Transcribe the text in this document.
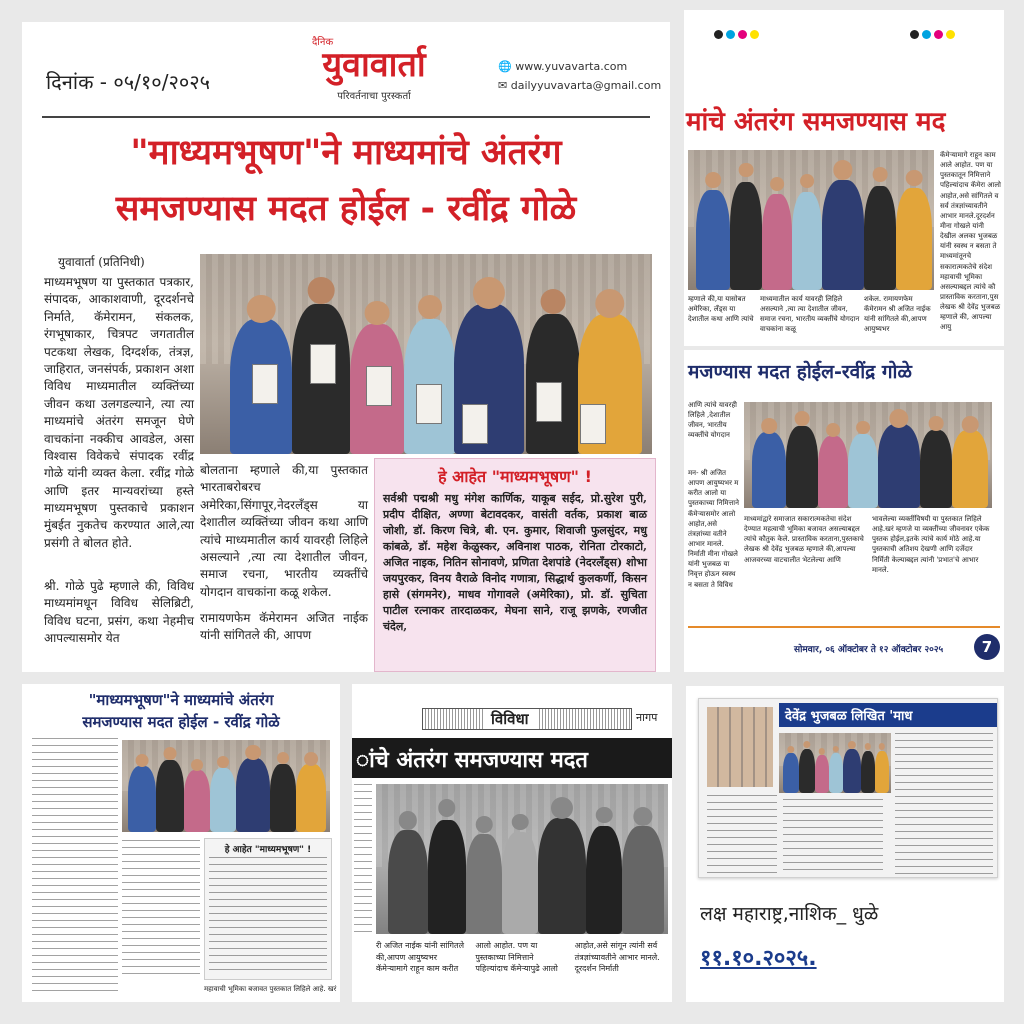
दिनांक - ०५/१०/२०२५
दैनिक
युवावार्ता
परिवर्तनाचा पुरस्कर्ता
🌐 www.yuvavarta.com
✉ dailyyuvavarta@gmail.com
"माध्यमभूषण"ने माध्यमांचे अंतरंग
समजण्यास मदत होईल - रवींद्र गोळे
युवावार्ता (प्रतिनिधी)
माध्यमभूषण या पुस्तकात पत्रकार, संपादक, आकाशवाणी, दूरदर्शनचे निर्माते, कॅमेरामन, संकलक, रंगभूषाकार, चित्रपट जगतातील पटकथा लेखक, दिग्दर्शक, तंत्रज्ञ, जाहिरात, जनसंपर्क, प्रकाशन अशा विविध माध्यमातील व्यक्तिंच्या जीवन कथा उलगडल्याने, त्या त्या माध्यमांचे अंतरंग समजून घेणे वाचकांना नक्कीच आवडेल, असा विश्वास विवेकचे संपादक रवींद्र गोळे यांनी व्यक्त केला. रवींद्र गोळे आणि इतर मान्यवरांच्या हस्ते माध्यमभूषण पुस्तकाचे प्रकाशन मुंबईत नुकतेच करण्यात आले,त्या प्रसंगी ते बोलत होते.
श्री. गोळे पुढे म्हणाले की, विविध माध्यमांमधून विविध सेलिब्रिटी, विविध घटना, प्रसंग, कथा नेहमीच आपल्यासमोर येत
बोलताना म्हणाले की,या पुस्तकात भारताबरोबरच अमेरिका,सिंगापूर,नेदरलँड्स या देशातील व्यक्तिंच्या जीवन कथा आणि त्यांचे माध्यमातील कार्य यावरही लिहिले असल्याने ,त्या त्या देशातील जीवन, समाज रचना, भारतीय व्यक्तींचे योगदान वाचकांना कळू शकेल.
रामायणफेम कॅमेरामन अजित नाईक यांनी सांगितले की, आपण
हे आहेत "माध्यमभूषण" !
सर्वश्री पद्मश्री मधु मंगेश कार्णिक, याकूब सईद, प्रो.सुरेश पुरी, प्रदीप दीक्षित, अण्णा बेटावदकर, वासंती वर्तक, प्रकाश बाळ जोशी, डॉ. किरण चित्रे, बी. एन. कुमार, शिवाजी फुलसुंदर, मधु कांबळे, डॉ. महेश केळुस्कर, अविनाश पाठक, रोनिता टोरकाटो, अजित नाइक, नितिन सोनावणे, प्रणिता देशपांडे (नेदरलँड्स) शोभा जयपुरकर, विनय वैराळे विनोद गणात्रा, सिद्धार्थ कुलकर्णी, किसन हासे (संगमनेर), माधव गोगावले (अमेरिका), प्रो. डॉ. सुचिता पाटील रत्नाकर तारदाळकर, मेघना साने, राजू झणके, रणजीत चंदेल,
मांचे अंतरंग समजण्यास मद
म्हणाले की,या यासोबत अमेरिका, लँड्स या देशातील कथा आणि त्यांचे
माध्यमातील कार्य यावरही लिहिले असल्याने ,त्या त्या देशातील जीवन, समाज रचना, भारतीय व्यक्तींचे योगदान वाचकांना कळू
शकेल. रामायणफेम कॅमेरामन श्री अजित नाईक यांनी सांगितले की,आपण आयुष्यभर
कॅमेऱ्यामागे राहून काम आले आहोत. पण या पुस्तकातून निमित्ताने पहिल्यांदाच कॅमेरा आलो आहोत,असे सांगितले व सर्व तंत्रज्ञांच्यावतीने आभार मानले.दूरदर्शन मीना गोखले यांनी देखील अलका भुजबळ यांनी स्वस्थ न बसता ते माध्यमांतूनचे सकारात्मकतेचे संदेश महावाची भूमिका असल्याबद्दल त्यांचे कौ प्रास्ताविक करताना,पुस लेखक श्री देवेंद्र भुजबळ म्हणाले की, आपल्या आयु
मजण्यास मदत होईल-रवींद्र गोळे
आणि त्यांचे यावरही लिहिले ,देशातील जीवन, भारतीय व्यक्तींचे योगदान
मन- श्री अजित आपण आयुष्यभर म करीत आलो या पुस्तकाच्या निमित्ताने कॅमेऱ्यासमोर आलो आहोत,असे तंत्रज्ञांच्या वतीने आभार मानले. निर्माती मीना गोखले यांनी भुजबळ या निवृत्त होऊन स्वस्थ न बसता ते विविध
माध्यमांद्वारे समाजात सकारात्मकतेचा संदेश देण्यात महत्वाची भूमिका बजावत असल्याबद्दल त्यांचे कौतुक केले. प्रास्ताविक करताना,पुस्तकाचे लेखक श्री देवेंद्र भुजबळ म्हणाले की,आपल्या आजवरच्या वाटचालीत भेटलेल्या आणि
भावलेल्या व्यक्तींविषयी या पुस्तकात लिहिले आहे.खरं म्हणजे या व्यक्तींच्या जीवनावर एकेक पुस्तक होईल,इतके त्यांचे कार्य मोठे आहे.या पुस्तकाची अतिशय देखणी आणि दर्जेदार निर्मिती केल्याबद्दल त्यांनी 'प्रभात'चे आभार मानले.
सोमवार, ०६ ऑक्टोबर ते १२ ऑक्टोबर २०२५	7
"माध्यमभूषण"ने माध्यमांचे अंतरंग
समजण्यास मदत होईल - रवींद्र गोळे
हे आहेत "माध्यमभूषण" !
महावाची भूमिका बजावत पुस्तकात लिहिले आहे. खरं
विविधा	नागप
ांचे अंतरंग समजण्यास मदत
री अजित नाईक यांनी सांगितले की,आपण आयुष्यभर कॅमेऱ्यामागे राहून काम करीत आलो आहोत. पण या पुस्तकाच्या निमित्ताने पहिल्यांदाच कॅमेऱ्यापुढे आलो आहोत,असे सांगून त्यांनी सर्व तंत्रज्ञांच्यावतीने आभार मानले. दूरदर्शन निर्माती
देवेंद्र भुजबळ लिखित 'माध
लक्ष महाराष्ट्र,नाशिक_ धुळे
११.१०.२०२५.
